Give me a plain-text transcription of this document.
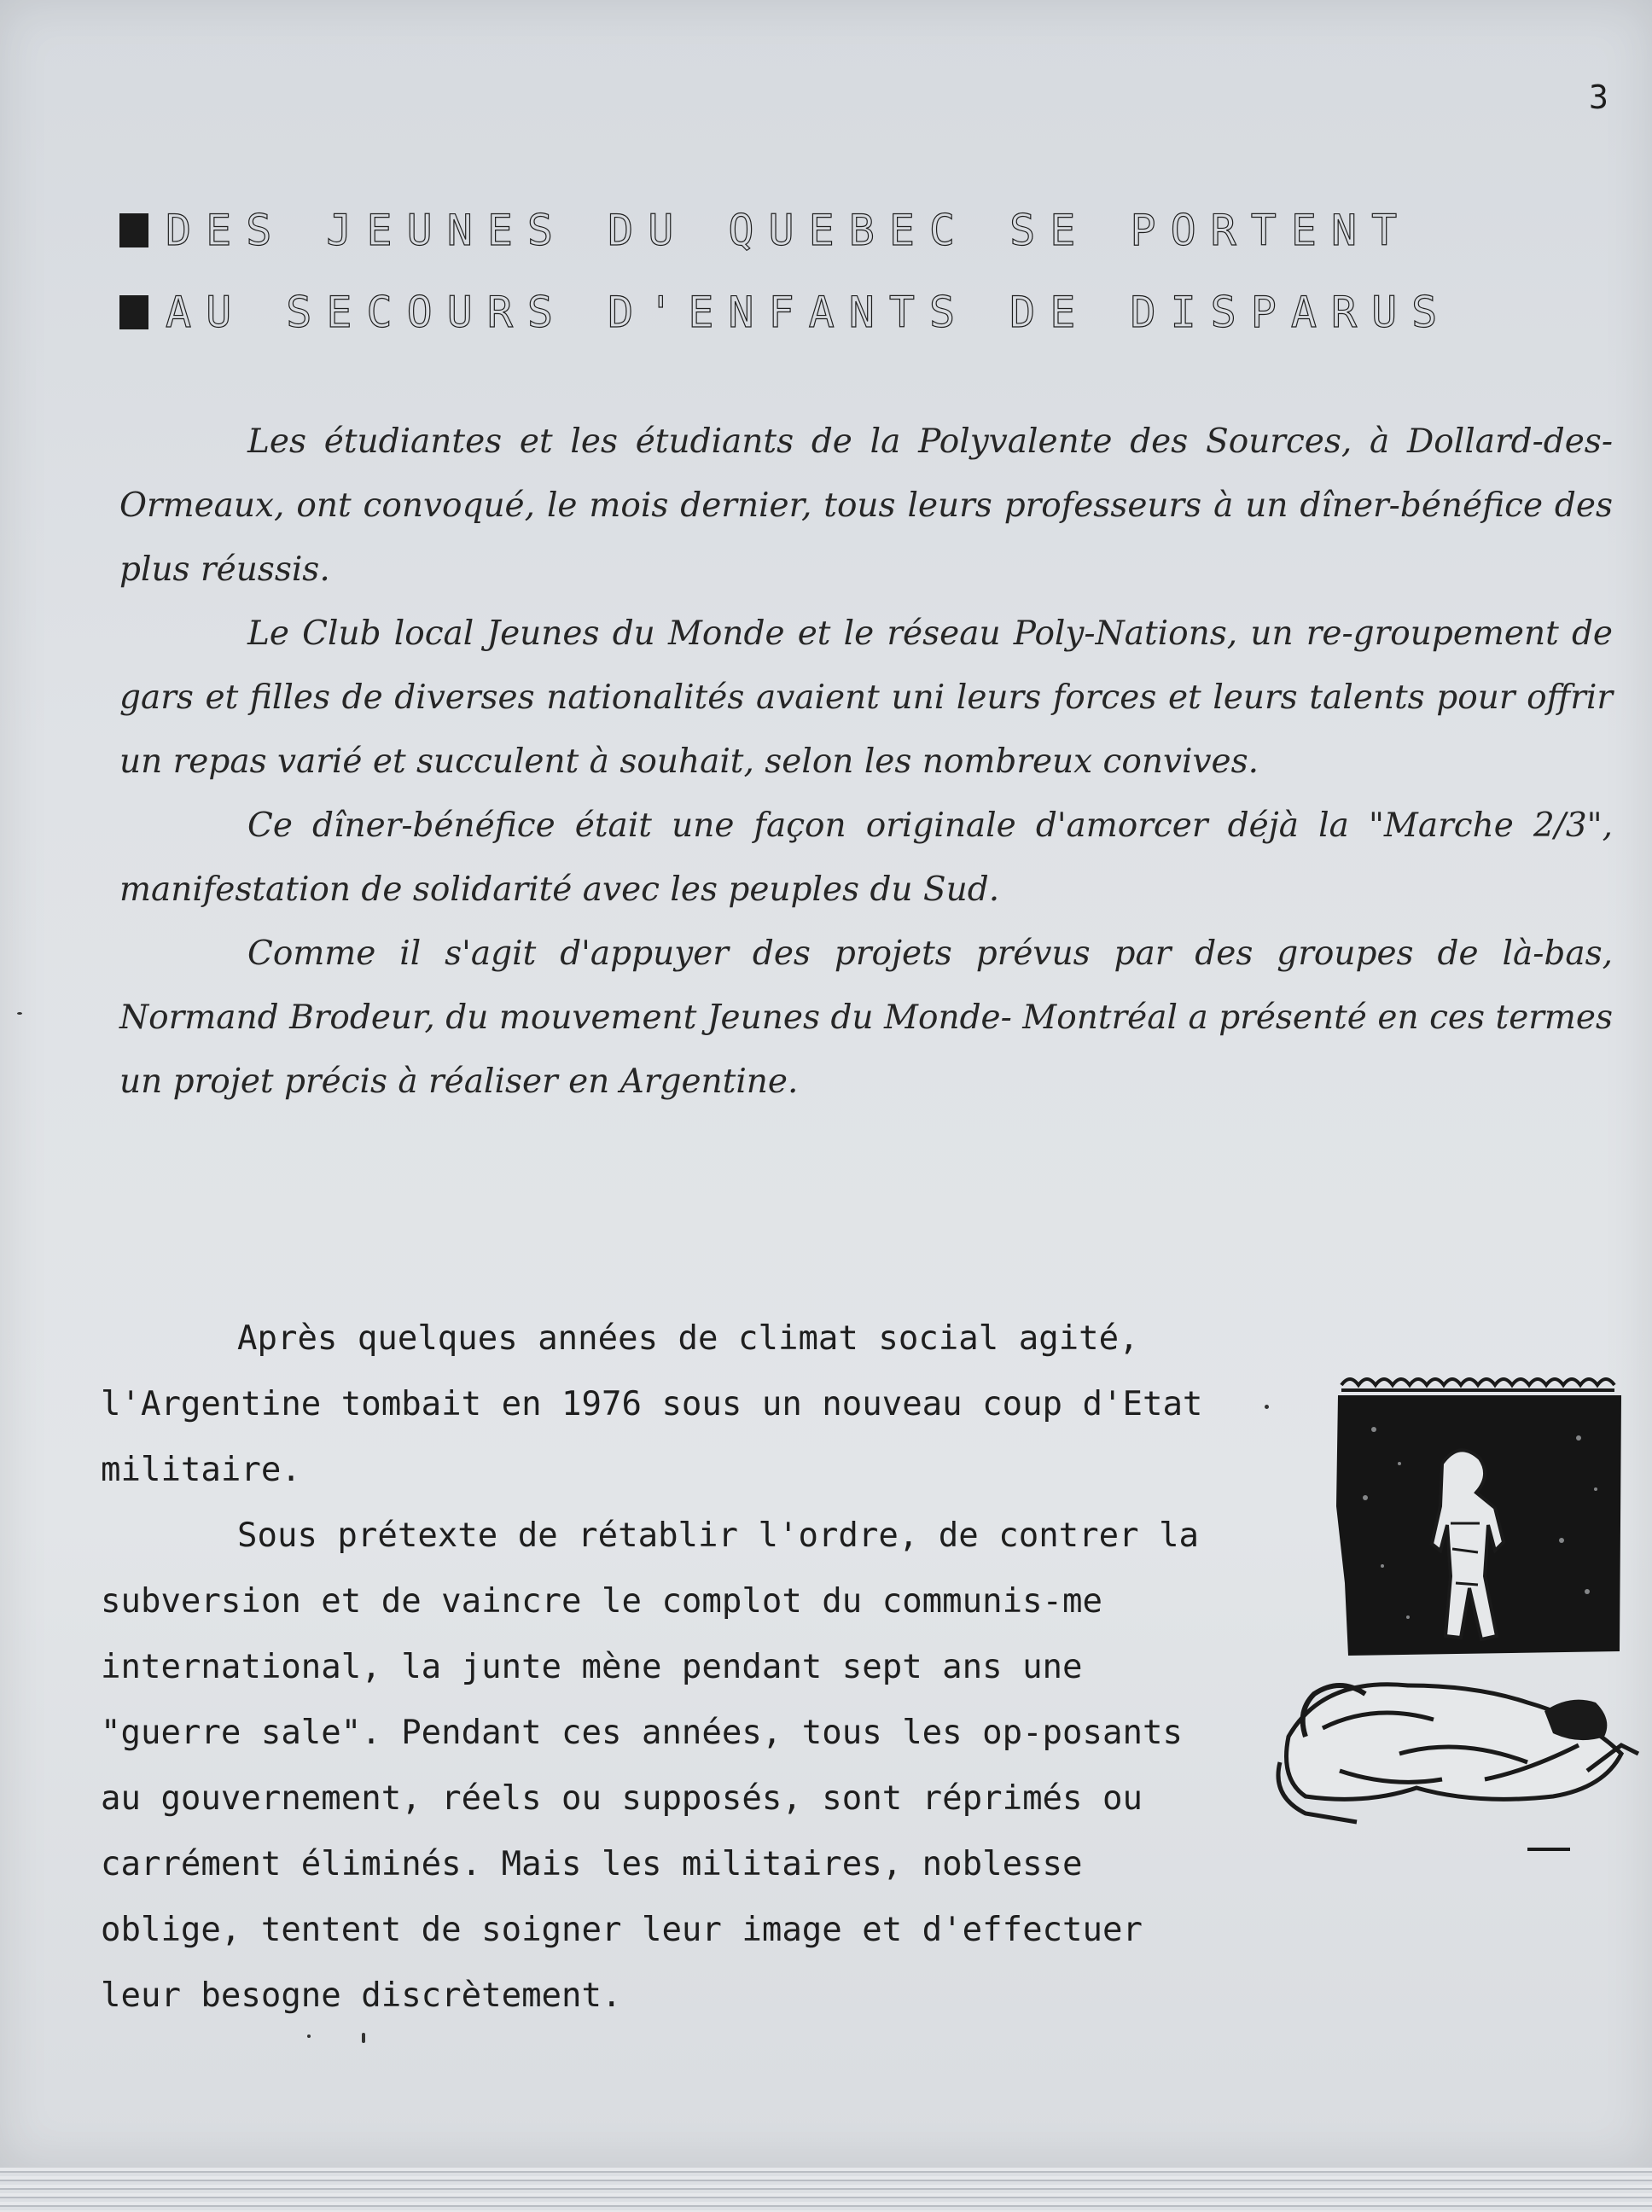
3
DES JEUNES DU QUEBEC SE PORTENT
AU SECOURS D'ENFANTS DE DISPARUS

Les étudiantes et les étudiants de la Polyvalente des Sources, à Dollard-des-Ormeaux, ont convoqué, le mois dernier, tous leurs professeurs à un dîner-bénéfice des plus réussis.

Le Club local Jeunes du Monde et le réseau Poly-Nations, un re-groupement de gars et filles de diverses nationalités avaient uni leurs forces et leurs talents pour offrir un repas varié et succulent à souhait, selon les nombreux convives.

Ce dîner-bénéfice était une façon originale d'amorcer déjà la "Marche 2/3", manifestation de solidarité avec les peuples du Sud.

Comme il s'agit d'appuyer des projets prévus par des groupes de là-bas, Normand Brodeur, du mouvement Jeunes du Monde- Montréal a présenté en ces termes un projet précis à réaliser en Argentine.

Après quelques années de climat social agité, l'Argentine tombait en 1976 sous un nouveau coup d'Etat militaire.

Sous prétexte de rétablir l'ordre, de contrer la subversion et de vaincre le complot du communis-me international, la junte mène pendant sept ans une "guerre sale". Pendant ces années, tous les op-posants au gouvernement, réels ou supposés, sont réprimés ou carrément éliminés. Mais les militaires, noblesse oblige, tentent de soigner leur image et d'effectuer leur besogne discrètement.
